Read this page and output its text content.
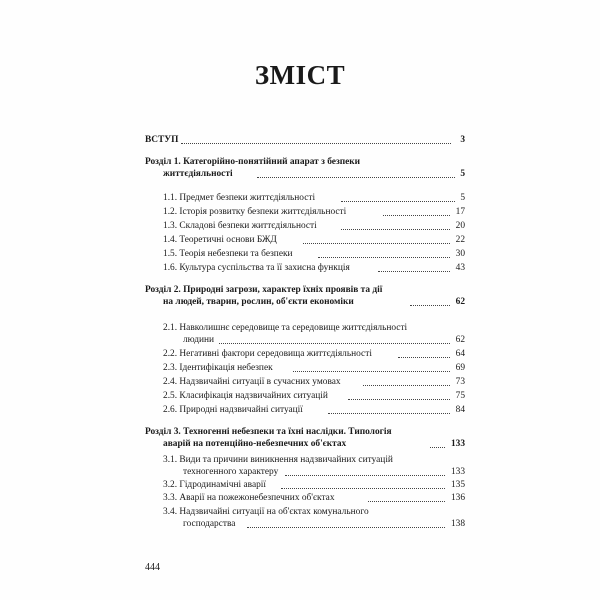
ЗМІСТ
ВСТУП	3
Розділ 1. Категорійно-понятійний апарат з безпеки
життєдіяльності	5
1.1. Предмет безпеки життєдіяльності	5
1.2. Історія розвитку безпеки життєдіяльності	17
1.3. Складові безпеки життєдіяльності	20
1.4. Теоретичні основи БЖД	22
1.5. Теорія небезпеки та безпеки	30
1.6. Культура суспільства та її захисна функція	43
Розділ 2. Природні загрози, характер їхніх проявів та дії
на людей, тварин, рослин, об'єкти економіки	62
2.1. Навколишнє середовище та середовище життєдіяльності
людини	62
2.2. Негативні фактори середовища життєдіяльності	64
2.3. Ідентифікація небезпек	69
2.4. Надзвичайні ситуації в сучасних умовах	73
2.5. Класифікація надзвичайних ситуацій	75
2.6. Природні надзвичайні ситуації	84
Розділ 3. Техногенні небезпеки та їхні наслідки. Типологія
аварій на потенційно-небезпечних об'єктах	133
3.1. Види та причини виникнення надзвичайних ситуацій
техногенного характеру	133
3.2. Гідродинамічні аварії	135
3.3. Аварії на пожежонебезпечних об'єктах	136
3.4. Надзвичайні ситуації на об'єктах комунального
господарства	138
444
